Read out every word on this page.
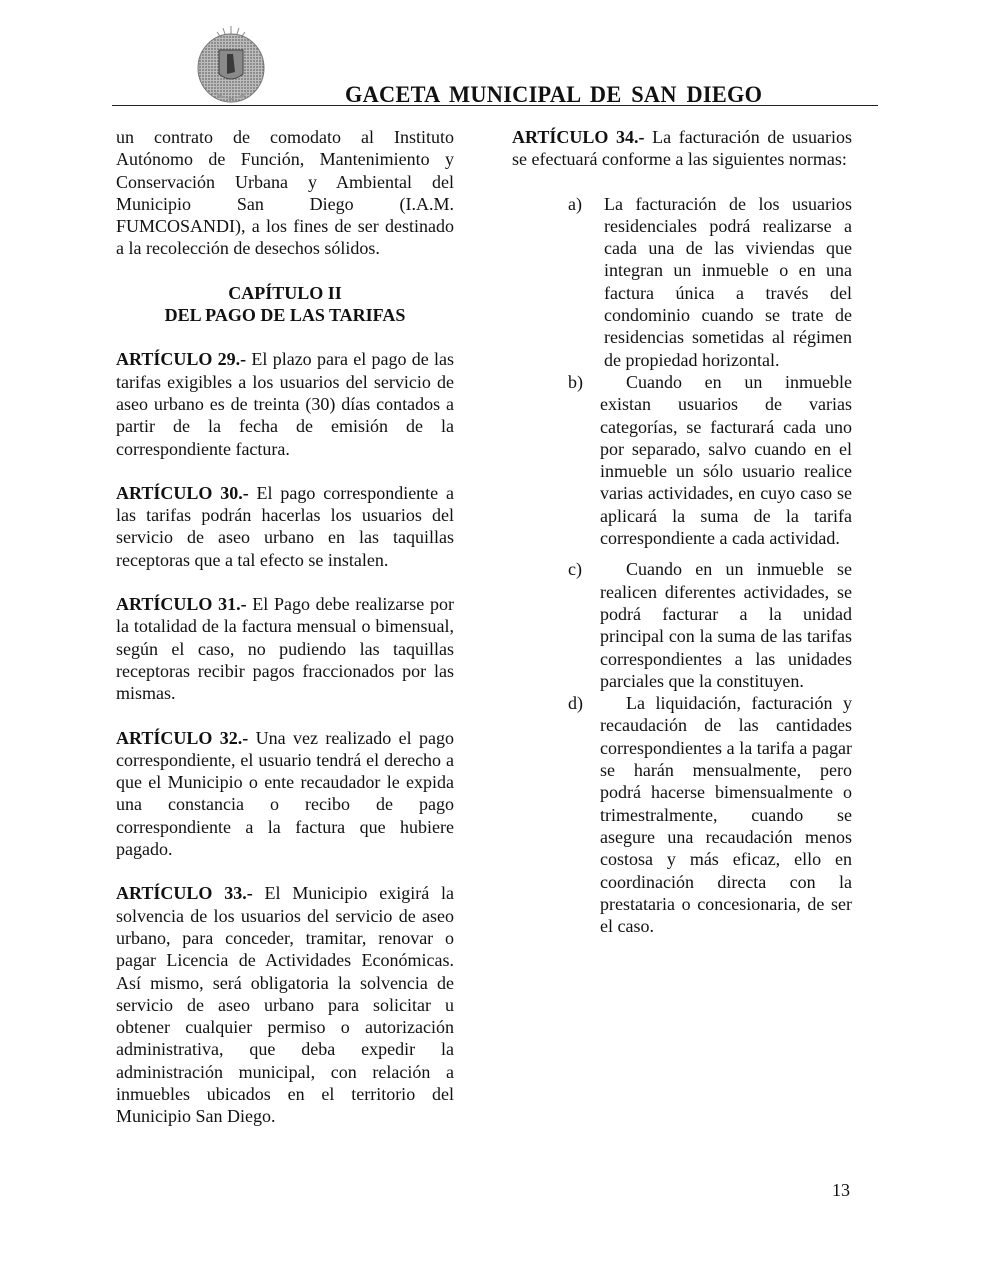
GACETA MUNICIPAL DE SAN DIEGO

un contrato de comodato al Instituto Autónomo de Función, Mantenimiento y Conservación Urbana y Ambiental del Municipio San Diego (I.A.M. FUMCOSANDI), a los fines de ser destinado a la recolección de desechos sólidos.

CAPÍTULO II
DEL PAGO DE LAS TARIFAS

ARTÍCULO 29.- El plazo para el pago de las tarifas exigibles a los usuarios del servicio de aseo urbano es de treinta (30) días contados a partir de la fecha de emisión de la correspondiente factura.

ARTÍCULO 30.- El pago correspondiente a las tarifas podrán hacerlas los usuarios del servicio de aseo urbano en las taquillas receptoras que a tal efecto se instalen.

ARTÍCULO 31.- El Pago debe realizarse por la totalidad de la factura mensual o bimensual, según el caso, no pudiendo las taquillas receptoras recibir pagos fraccionados por las mismas.

ARTÍCULO 32.- Una vez realizado el pago correspondiente, el usuario tendrá el derecho a que el Municipio o ente recaudador le expida una constancia o recibo de pago correspondiente a la factura que hubiere pagado.

ARTÍCULO 33.- El Municipio exigirá la solvencia de los usuarios del servicio de aseo urbano, para conceder, tramitar, renovar o pagar Licencia de Actividades Económicas. Así mismo, será obligatoria la solvencia de servicio de aseo urbano para solicitar u obtener cualquier permiso o autorización administrativa, que deba expedir la administración municipal, con relación a inmuebles ubicados en el territorio del Municipio San Diego.

ARTÍCULO 34.- La facturación de usuarios se efectuará conforme a las siguientes normas:

a) La facturación de los usuarios residenciales podrá realizarse a cada una de las viviendas que integran un inmueble o en una factura única a través del condominio cuando se trate de residencias sometidas al régimen de propiedad horizontal.
b) Cuando en un inmueble existan usuarios de varias categorías, se facturará cada uno por separado, salvo cuando en el inmueble un sólo usuario realice varias actividades, en cuyo caso se aplicará la suma de la tarifa correspondiente a cada actividad.
c) Cuando en un inmueble se realicen diferentes actividades, se podrá facturar a la unidad principal con la suma de las tarifas correspondientes a las unidades parciales que la constituyen.
d) La liquidación, facturación y recaudación de las cantidades correspondientes a la tarifa a pagar se harán mensualmente, pero podrá hacerse bimensualmente o trimestralmente, cuando se asegure una recaudación menos costosa y más eficaz, ello en coordinación directa con la prestataria o concesionaria, de ser el caso.
13
